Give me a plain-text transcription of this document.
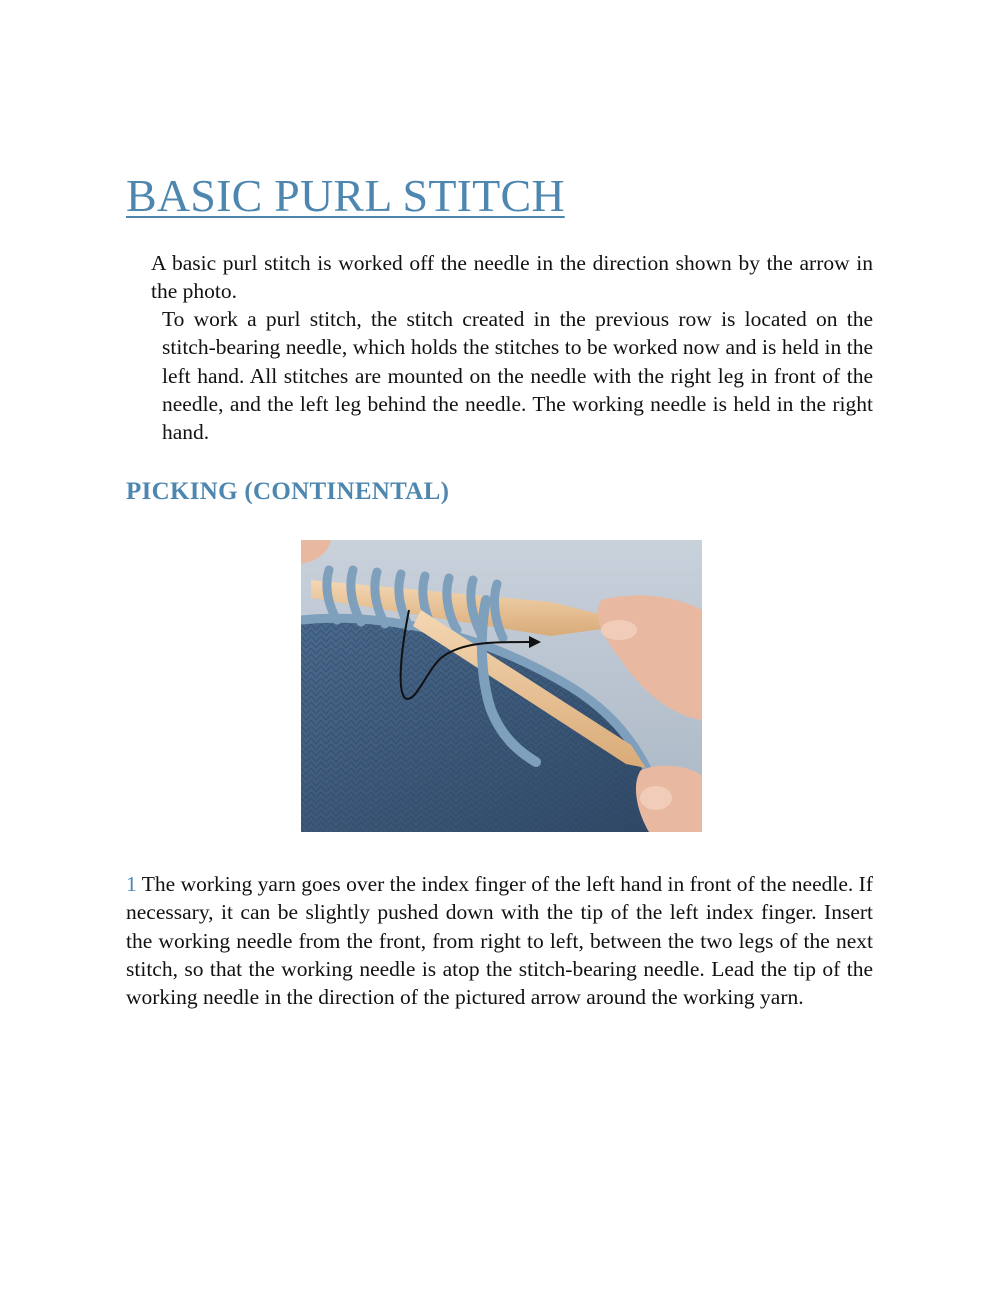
BASIC PURL STITCH

A basic purl stitch is worked off the needle in the direction shown by the arrow in the photo.

To work a purl stitch, the stitch created in the previous row is located on the stitch-bearing needle, which holds the stitches to be worked now and is held in the left hand. All stitches are mounted on the needle with the right leg in front of the needle, and the left leg behind the needle. The working needle is held in the right hand.

PICKING (CONTINENTAL)

1 The working yarn goes over the index finger of the left hand in front of the needle. If necessary, it can be slightly pushed down with the tip of the left index finger. Insert the working needle from the front, from right to left, between the two legs of the next stitch, so that the working needle is atop the stitch-bearing needle. Lead the tip of the working needle in the direction of the pictured arrow around the working yarn.
